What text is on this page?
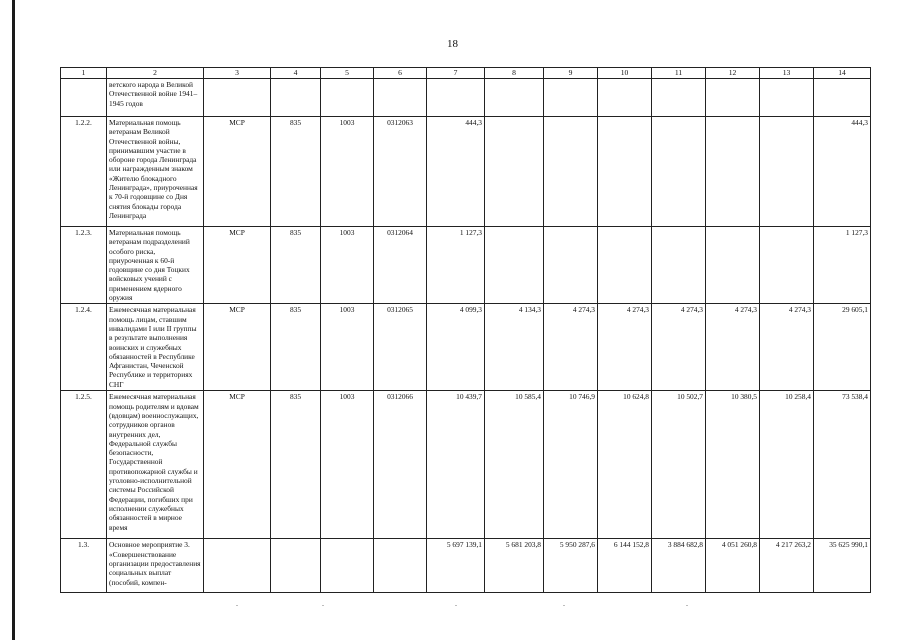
18
1	2	3	4	5	6	7	8	9	10	11	12	13	14
	ветского народа в Великой Отечественной войне 1941–1945 годов												
1.2.2.	Материальная помощь ветеранам Великой Отечественной войны, принимавшим участие в обороне города Ленинграда или награжденным знаком «Жителю блокадного Ленинграда», приуроченная к 70-й годовщине со Дня снятия блокады города Ленинграда	МСР	835	1003	0312063	444,3							444,3
1.2.3.	Материальная помощь ветеранам подразделений особого риска, приуроченная к 60-й годовщине со дня Тоцких войсковых учений с применением ядерного оружия	МСР	835	1003	0312064	1 127,3							1 127,3
1.2.4.	Ежемесячная материальная помощь лицам, ставшим инвалидами I или II группы в результате выполнения воинских и служебных обязанностей в Республике Афганистан, Чеченской Республике и территориях СНГ	МСР	835	1003	0312065	4 099,3	4 134,3	4 274,3	4 274,3	4 274,3	4 274,3	4 274,3	29 605,1
1.2.5.	Ежемесячная материальная помощь родителям и вдовам (вдовцам) военнослужащих, сотрудников органов внутренних дел, Федеральной службы безопасности, Государственной противопожарной службы и уголовно-исполнительной системы Российской Федерации, погибших при исполнении служебных обязанностей в мирное время	МСР	835	1003	0312066	10 439,7	10 585,4	10 746,9	10 624,8	10 502,7	10 380,5	10 258,4	73 538,4
1.3.	Основное мероприятие 3. «Совершенствование организации предоставления социальных выплат (пособий, компен-					5 697 139,1	5 681 203,8	5 950 287,6	6 144 152,8	3 884 682,8	4 051 260,8	4 217 263,2	35 625 990,1
